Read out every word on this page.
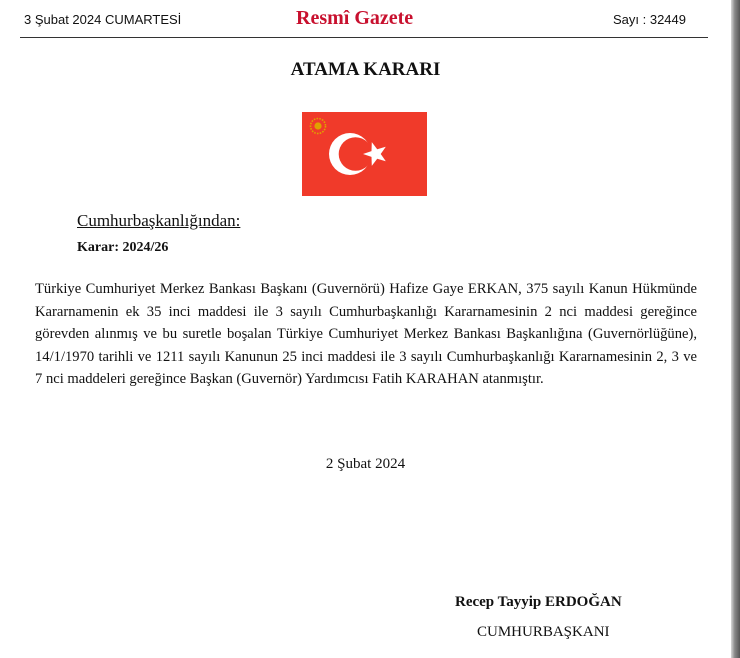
3 Şubat 2024 CUMARTESİ	Resmî Gazete	Sayı : 32449
ATAMA KARARI
Cumhurbaşkanlığından:
Karar: 2024/26

Türkiye Cumhuriyet Merkez Bankası Başkanı (Guvernörü) Hafize Gaye ERKAN, 375 sayılı Kanun Hükmünde Kararnamenin ek 35 inci maddesi ile 3 sayılı Cumhurbaşkanlığı Kararnamesinin 2 nci maddesi gereğince görevden alınmış ve bu suretle boşalan Türkiye Cumhuriyet Merkez Bankası Başkanlığına (Guvernörlüğüne), 14/1/1970 tarihli ve 1211 sayılı Kanunun 25 inci maddesi ile 3 sayılı Cumhurbaşkanlığı Kararnamesinin 2, 3 ve 7 nci maddeleri gereğince Başkan (Guvernör) Yardımcısı Fatih KARAHAN atanmıştır.

2 Şubat 2024
Recep Tayyip ERDOĞAN
CUMHURBAŞKANI
